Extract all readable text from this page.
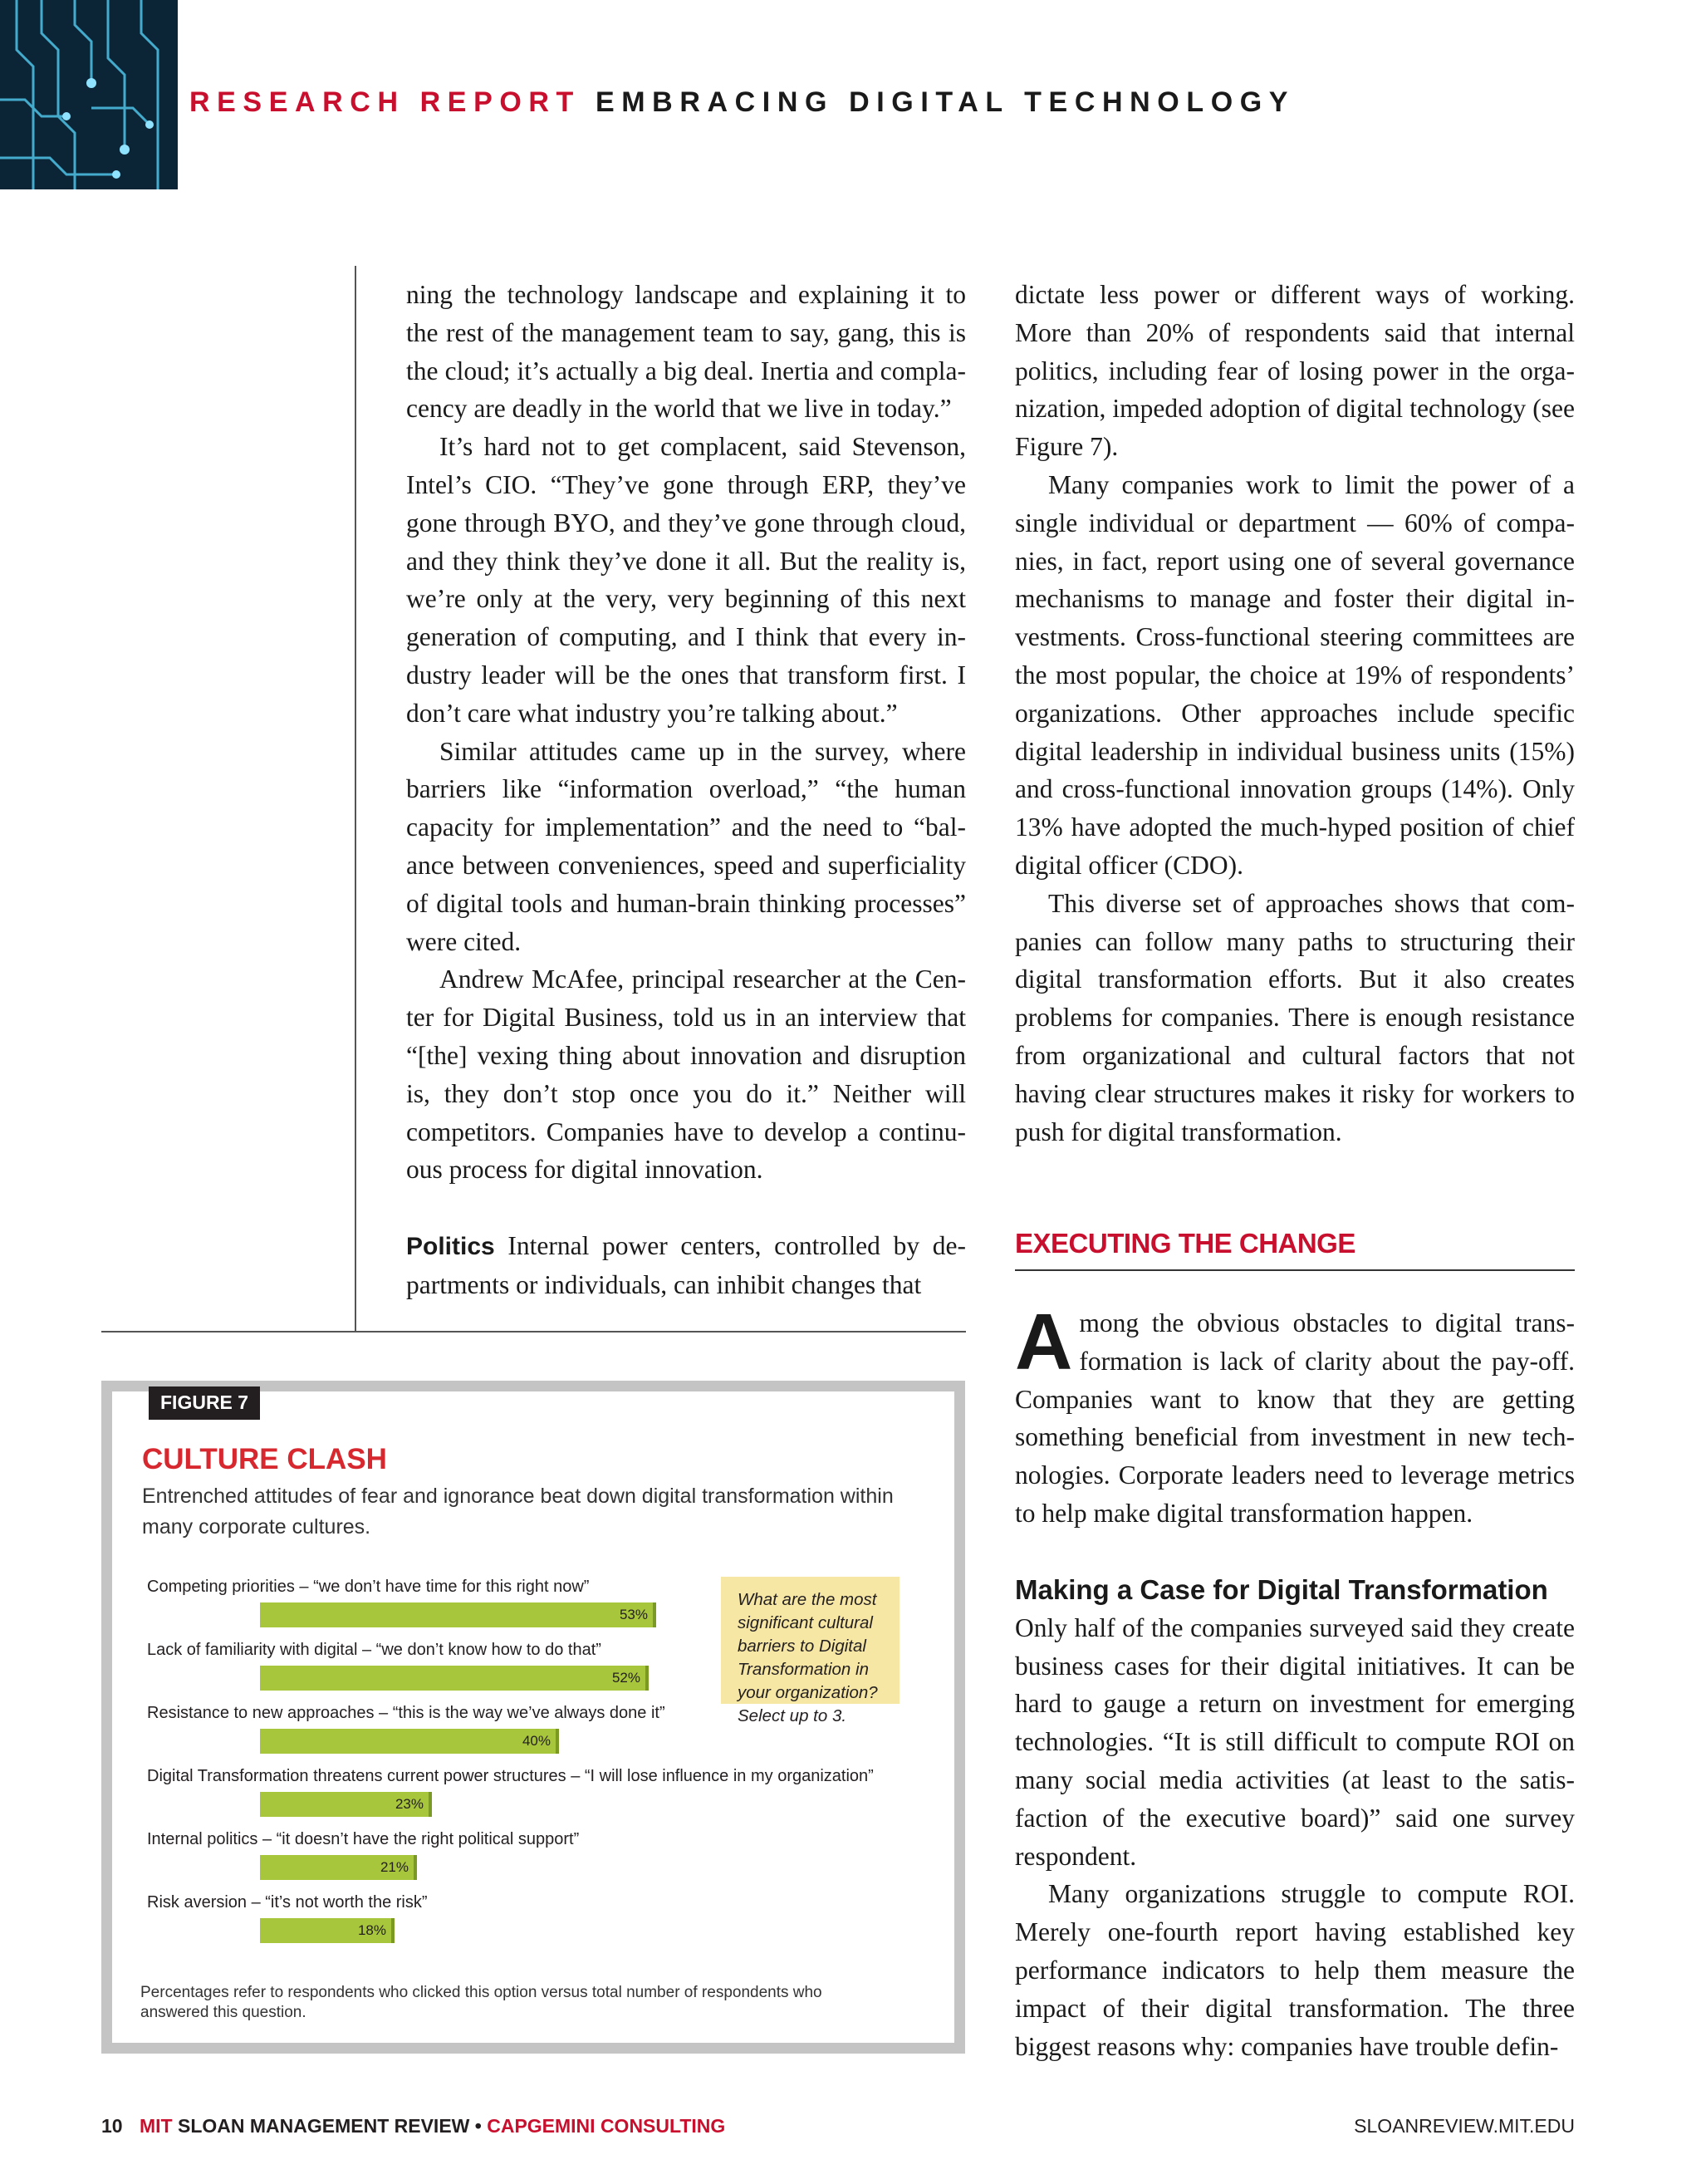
RESEARCH REPORT EMBRACING DIGITAL TECHNOLOGY

ning the technology landscape and explaining it to the rest of the management team to say, gang, this is the cloud; it’s actually a big deal. Inertia and complacency are deadly in the world that we live in today.”

It’s hard not to get complacent, said Stevenson, Intel’s CIO. “They’ve gone through ERP, they’ve gone through BYO, and they’ve gone through cloud, and they think they’ve done it all. But the reality is, we’re only at the very, very beginning of this next generation of computing, and I think that every industry leader will be the ones that transform first. I don’t care what industry you’re talking about.”

Similar attitudes came up in the survey, where barriers like “information overload,” “the human capacity for implementation” and the need to “balance between conveniences, speed and superficiality of digital tools and human-brain thinking processes” were cited.

Andrew McAfee, principal researcher at the Center for Digital Business, told us in an interview that “[the] vexing thing about innovation and disruption is, they don’t stop once you do it.” Neither will competitors. Companies have to develop a continuous process for digital innovation.

Politics Internal power centers, controlled by departments or individuals, can inhibit changes that

dictate less power or different ways of working. More than 20% of respondents said that internal politics, including fear of losing power in the organization, impeded adoption of digital technology (see Figure 7).

Many companies work to limit the power of a single individual or department — 60% of companies, in fact, report using one of several governance mechanisms to manage and foster their digital investments. Cross-functional steering committees are the most popular, the choice at 19% of respondents’ organizations. Other approaches include specific digital leadership in individual business units (15%) and cross-functional innovation groups (14%). Only 13% have adopted the much-hyped position of chief digital officer (CDO).

This diverse set of approaches shows that companies can follow many paths to structuring their digital transformation efforts. But it also creates problems for companies. There is enough resistance from organizational and cultural factors that not having clear structures makes it risky for workers to push for digital transformation.

EXECUTING THE CHANGE

Among the obvious obstacles to digital transformation is lack of clarity about the pay-off. Companies want to know that they are getting something beneficial from investment in new technologies. Corporate leaders need to leverage metrics to help make digital transformation happen.

Making a Case for Digital Transformation

Only half of the companies surveyed said they create business cases for their digital initiatives. It can be hard to gauge a return on investment for emerging technologies. “It is still difficult to compute ROI on many social media activities (at least to the satisfaction of the executive board)” said one survey respondent.

Many organizations struggle to compute ROI. Merely one-fourth report having established key performance indicators to help them measure the impact of their digital transformation. The three biggest reasons why: companies have trouble defin-

FIGURE 7
CULTURE CLASH
Entrenched attitudes of fear and ignorance beat down digital transformation within many corporate cultures.
Competing priorities – “we don’t have time for this right now”
53%
Lack of familiarity with digital – “we don’t know how to do that”
52%
Resistance to new approaches – “this is the way we’ve always done it”
40%
Digital Transformation threatens current power structures – “I will lose influence in my organization”
23%
Internal politics – “it doesn’t have the right political support”
21%
Risk aversion – “it’s not worth the risk”
18%
What are the most significant cultural barriers to Digital Transformation in your organization? Select up to 3.
Percentages refer to respondents who clicked this option versus total number of respondents who answered this question.
10 MIT SLOAN MANAGEMENT REVIEW • CAPGEMINI CONSULTING	SLOANREVIEW.MIT.EDU
